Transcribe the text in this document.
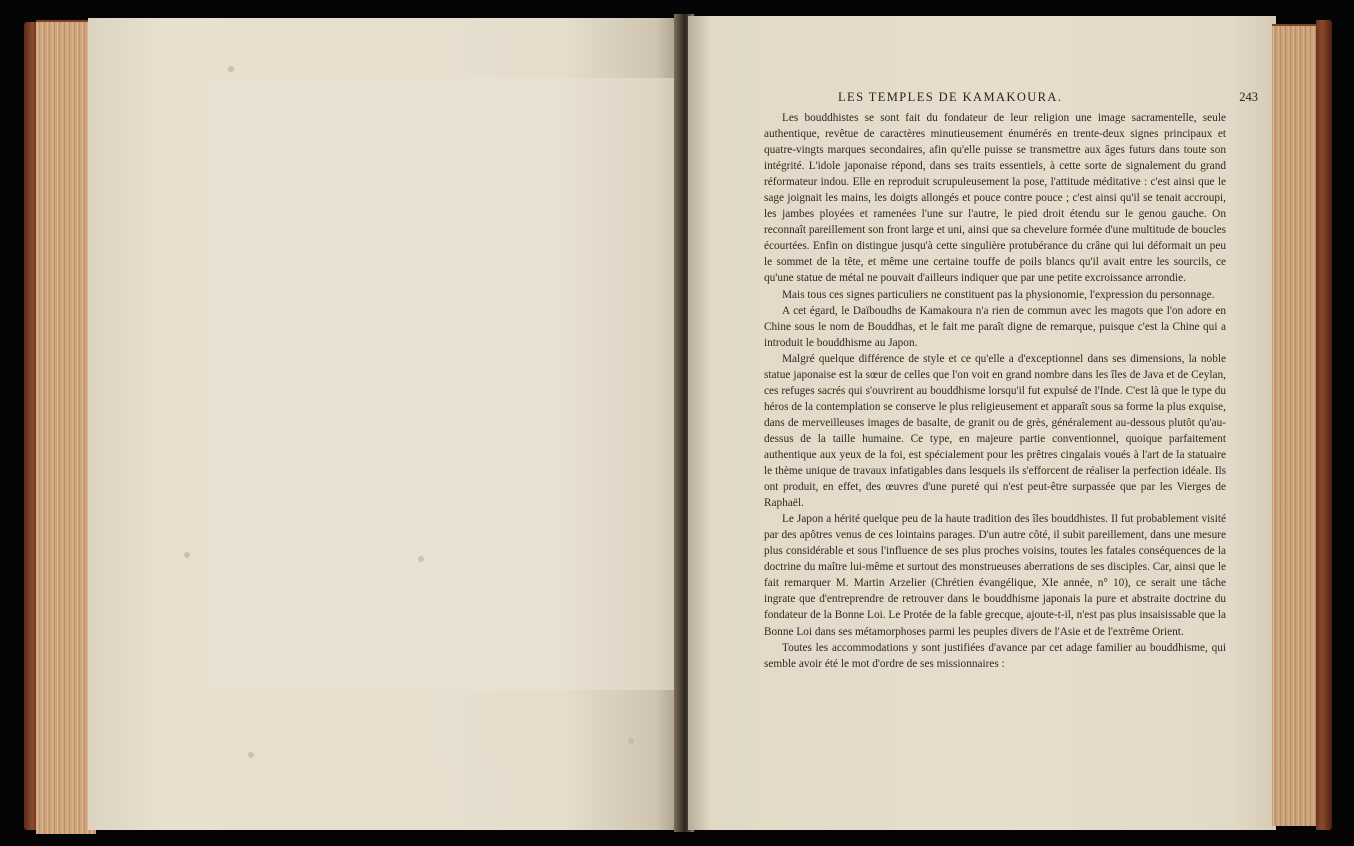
LES TEMPLES DE KAMAKOURA.	243

Les bouddhistes se sont fait du fondateur de leur religion une image sacramentelle, seule authentique, revêtue de caractères minutieusement énumérés en trente-deux signes principaux et quatre-vingts marques secondaires, afin qu'elle puisse se transmettre aux âges futurs dans toute son intégrité. L'idole japonaise répond, dans ses traits essentiels, à cette sorte de signalement du grand réformateur indou. Elle en reproduit scrupuleusement la pose, l'attitude méditative : c'est ainsi que le sage joignait les mains, les doigts allongés et pouce contre pouce ; c'est ainsi qu'il se tenait accroupi, les jambes ployées et ramenées l'une sur l'autre, le pied droit étendu sur le genou gauche. On reconnaît pareillement son front large et uni, ainsi que sa chevelure formée d'une multitude de boucles écourtées. Enfin on distingue jusqu'à cette singulière protubérance du crâne qui lui déformait un peu le sommet de la tête, et même une certaine touffe de poils blancs qu'il avait entre les sourcils, ce qu'une statue de métal ne pouvait d'ailleurs indiquer que par une petite excroissance arrondie.

Mais tous ces signes particuliers ne constituent pas la physionomie, l'expression du personnage.

A cet égard, le Daïboudhs de Kamakoura n'a rien de commun avec les magots que l'on adore en Chine sous le nom de Bouddhas, et le fait me paraît digne de remarque, puisque c'est la Chine qui a introduit le bouddhisme au Japon.

Malgré quelque différence de style et ce qu'elle a d'exceptionnel dans ses dimensions, la noble statue japonaise est la sœur de celles que l'on voit en grand nombre dans les îles de Java et de Ceylan, ces refuges sacrés qui s'ouvrirent au bouddhisme lorsqu'il fut expulsé de l'Inde. C'est là que le type du héros de la contemplation se conserve le plus religieusement et apparaît sous sa forme la plus exquise, dans de merveilleuses images de basalte, de granit ou de grès, généralement au-dessous plutôt qu'au-dessus de la taille humaine. Ce type, en majeure partie conventionnel, quoique parfaitement authentique aux yeux de la foi, est spécialement pour les prêtres cingalais voués à l'art de la statuaire le thème unique de travaux infatigables dans lesquels ils s'efforcent de réaliser la perfection idéale. Ils ont produit, en effet, des œuvres d'une pureté qui n'est peut-être surpassée que par les Vierges de Raphaël.

Le Japon a hérité quelque peu de la haute tradition des îles bouddhistes. Il fut probablement visité par des apôtres venus de ces lointains parages. D'un autre côté, il subit pareillement, dans une mesure plus considérable et sous l'influence de ses plus proches voisins, toutes les fatales conséquences de la doctrine du maître lui-même et surtout des monstrueuses aberrations de ses disciples. Car, ainsi que le fait remarquer M. Martin Arzelier (Chrétien évangélique, XIe année, n° 10), ce serait une tâche ingrate que d'entreprendre de retrouver dans le bouddhisme japonais la pure et abstraite doctrine du fondateur de la Bonne Loi. Le Protée de la fable grecque, ajoute-t-il, n'est pas plus insaisissable que la Bonne Loi dans ses métamorphoses parmi les peuples divers de l'Asie et de l'extrême Orient.

Toutes les accommodations y sont justifiées d'avance par cet adage familier au bouddhisme, qui semble avoir été le mot d'ordre de ses missionnaires :
